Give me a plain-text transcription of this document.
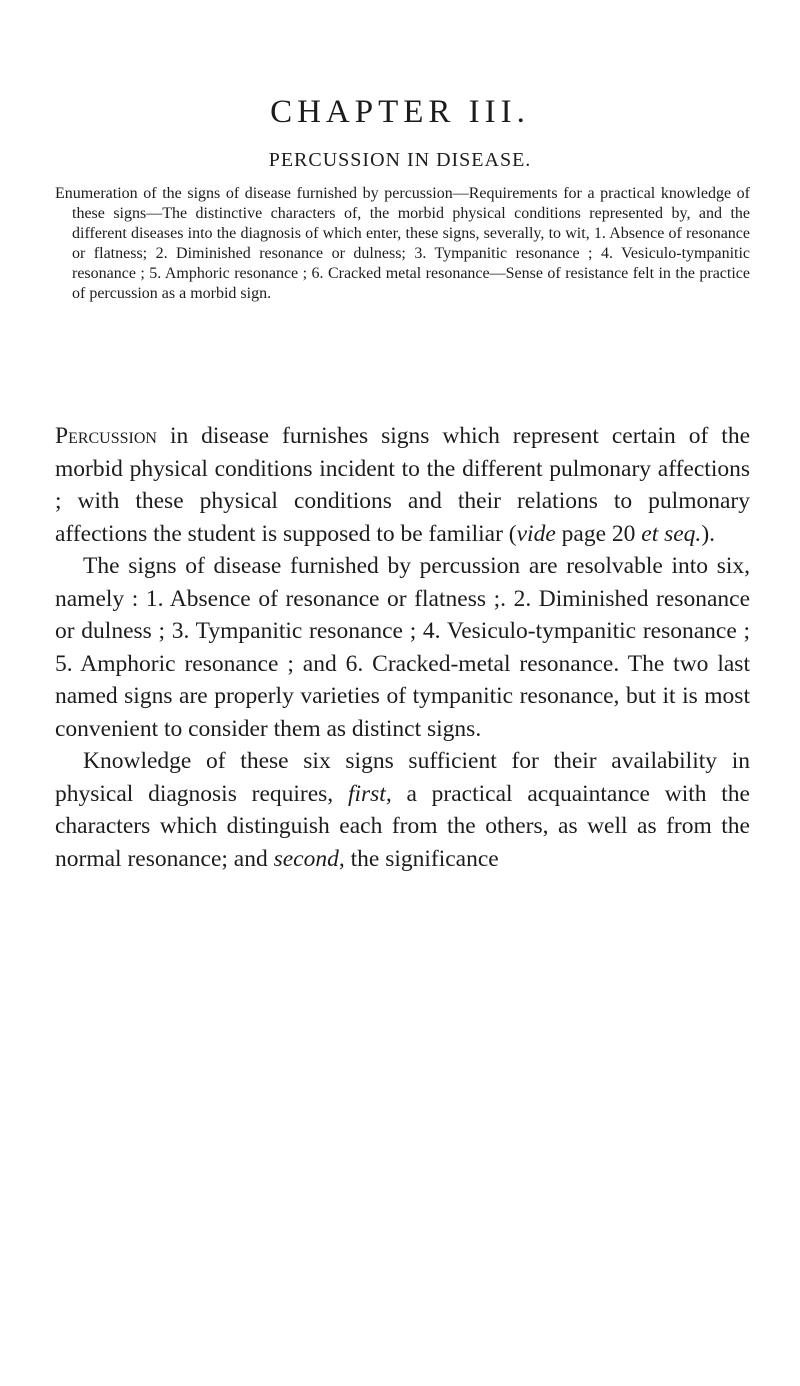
CHAPTER III.
PERCUSSION IN DISEASE.
Enumeration of the signs of disease furnished by percussion—Requirements for a practical knowledge of these signs—The distinctive characters of, the morbid physical conditions represented by, and the different diseases into the diagnosis of which enter, these signs, severally, to wit, 1. Absence of resonance or flatness; 2. Diminished resonance or dulness; 3. Tympanitic resonance ; 4. Vesiculo-tympanitic resonance ; 5. Amphoric resonance ; 6. Cracked metal resonance—Sense of resistance felt in the practice of percussion as a morbid sign.

Percussion in disease furnishes signs which represent certain of the morbid physical conditions incident to the different pulmonary affections ; with these physical conditions and their relations to pulmonary affections the student is supposed to be familiar (vide page 20 et seq.).

The signs of disease furnished by percussion are resolvable into six, namely : 1. Absence of resonance or flatness ;. 2. Diminished resonance or dulness ; 3. Tympanitic resonance ; 4. Vesiculo-tympanitic resonance ; 5. Amphoric resonance ; and 6. Cracked-metal resonance. The two last named signs are properly varieties of tympanitic resonance, but it is most convenient to consider them as distinct signs.

Knowledge of these six signs sufficient for their availability in physical diagnosis requires, first, a practical acquaintance with the characters which distinguish each from the others, as well as from the normal resonance; and second, the significance
